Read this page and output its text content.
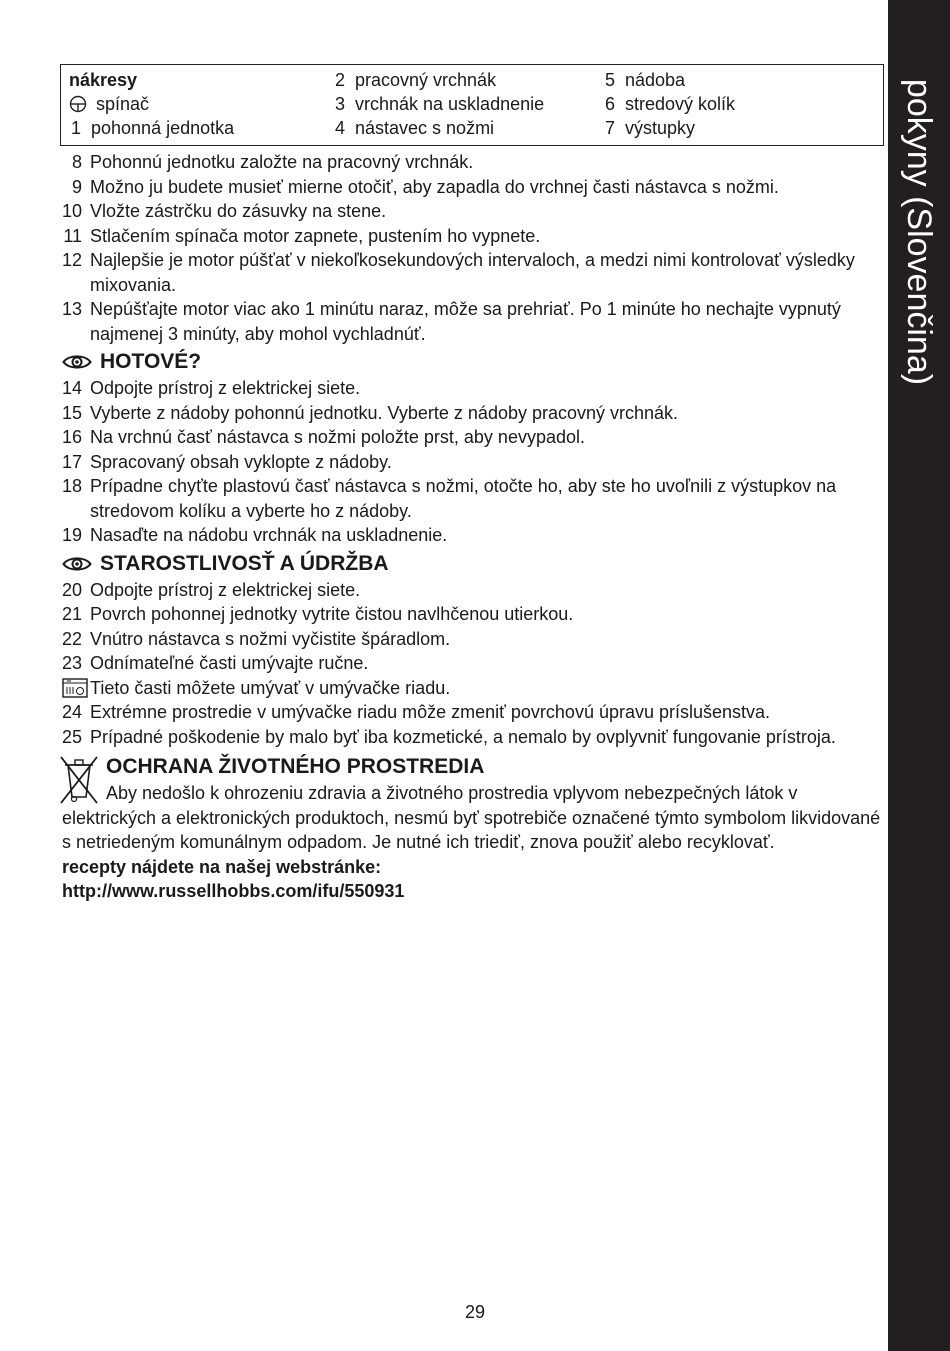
pokyny (Slovenčina)
nákresy
spínač
1 pohonná jednotka
2 pracovný vrchnák
3 vrchnák na uskladnenie
4 nástavec s nožmi
5 nádoba
6 stredový kolík
7 výstupky
8 Pohonnú jednotku založte na pracovný vrchnák.
9 Možno ju budete musieť mierne otočiť, aby zapadla do vrchnej časti nástavca s nožmi.
10 Vložte zástrčku do zásuvky na stene.
11 Stlačením spínača motor zapnete, pustením ho vypnete.
12 Najlepšie je motor púšťať v niekoľkosekundových intervaloch, a medzi nimi kontrolovať výsledky mixovania.
13 Nepúšťajte motor viac ako 1 minútu naraz, môže sa prehriať. Po 1 minúte ho nechajte vypnutý najmenej 3 minúty, aby mohol vychladnúť.
HOTOVÉ?
14 Odpojte prístroj z elektrickej siete.
15 Vyberte z nádoby pohonnú jednotku. Vyberte z nádoby pracovný vrchnák.
16 Na vrchnú časť nástavca s nožmi položte prst, aby nevypadol.
17 Spracovaný obsah vyklopte z nádoby.
18 Prípadne chyťte plastovú časť nástavca s nožmi, otočte ho, aby ste ho uvoľnili z výstupkov na stredovom kolíku a vyberte ho z nádoby.
19 Nasaďte na nádobu vrchnák na uskladnenie.
STAROSTLIVOSŤ A ÚDRŽBA
20 Odpojte prístroj z elektrickej siete.
21 Povrch pohonnej jednotky vytrite čistou navlhčenou utierkou.
22 Vnútro nástavca s nožmi vyčistite špáradlom.
23 Odnímateľné časti umývajte ručne.
Tieto časti môžete umývať v umývačke riadu.
24 Extrémne prostredie v umývačke riadu môže zmeniť povrchovú úpravu príslušenstva.
25 Prípadné poškodenie by malo byť iba kozmetické, a nemalo by ovplyvniť fungovanie prístroja.
OCHRANA ŽIVOTNÉHO PROSTREDIA
Aby nedošlo k ohrozeniu zdravia a životného prostredia vplyvom nebezpečných látok v elektrických a elektronických produktoch, nesmú byť spotrebiče označené týmto symbolom likvidované s netriedeným komunálnym odpadom. Je nutné ich triediť, znova použiť alebo recyklovať.
recepty nájdete na našej webstránke:
http://www.russellhobbs.com/ifu/550931
29
